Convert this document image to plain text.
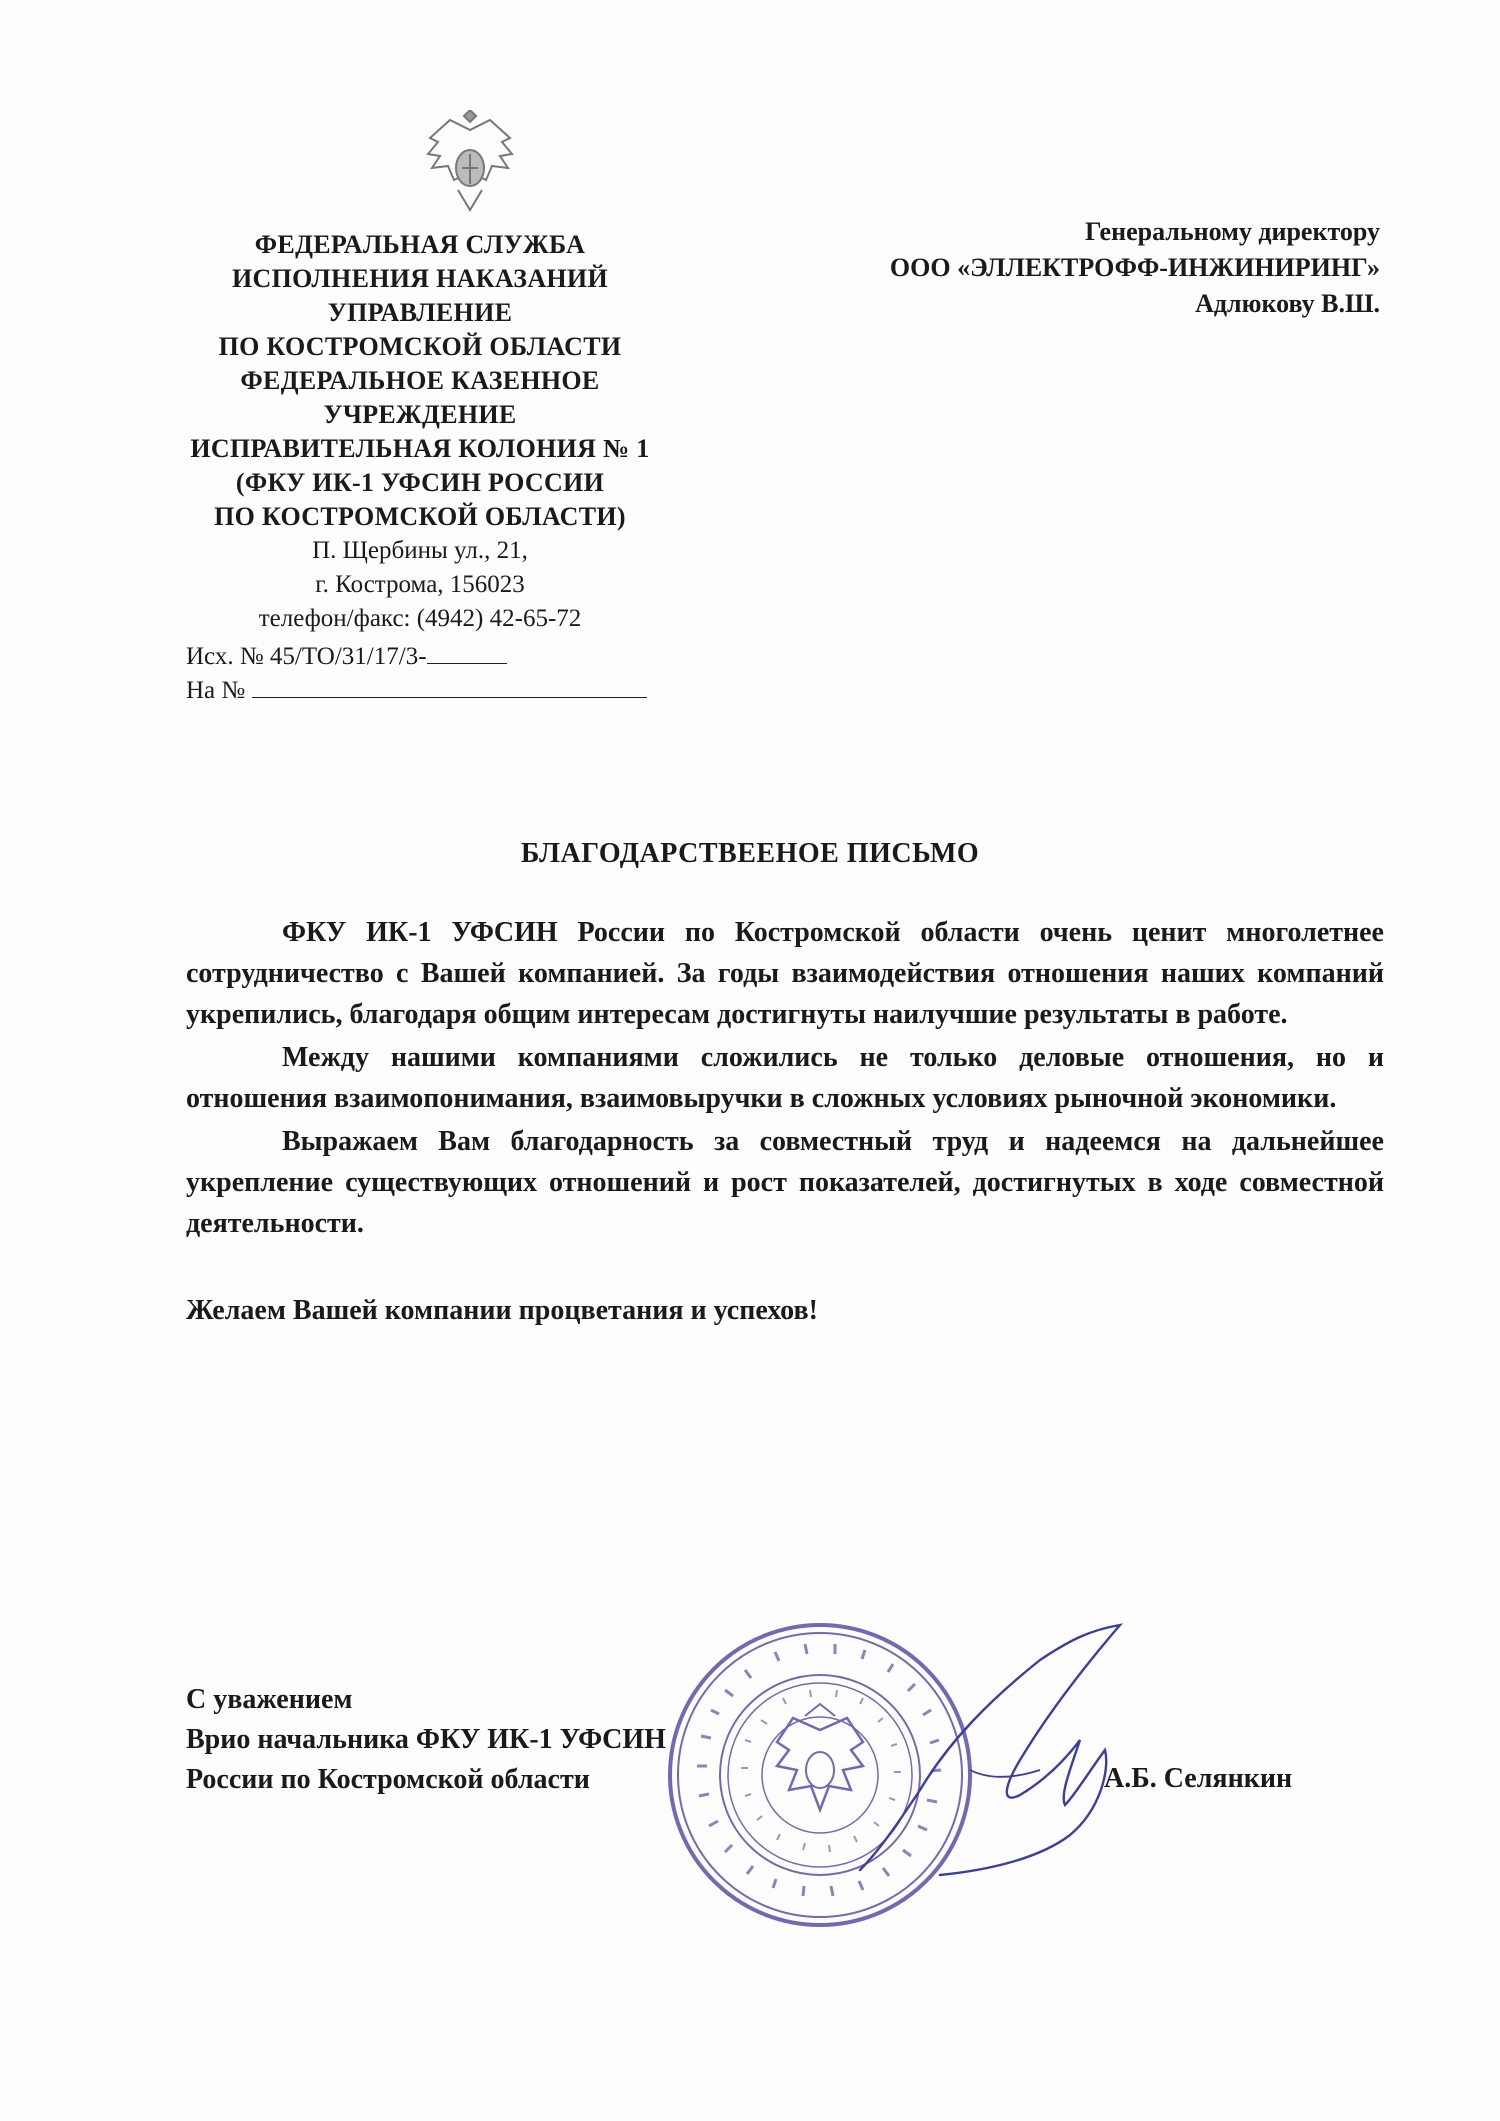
ФЕДЕРАЛЬНАЯ СЛУЖБА
ИСПОЛНЕНИЯ НАКАЗАНИЙ
УПРАВЛЕНИЕ
ПО КОСТРОМСКОЙ ОБЛАСТИ
ФЕДЕРАЛЬНОЕ КАЗЕННОЕ
УЧРЕЖДЕНИЕ
ИСПРАВИТЕЛЬНАЯ КОЛОНИЯ № 1
(ФКУ ИК-1 УФСИН РОССИИ
ПО КОСТРОМСКОЙ ОБЛАСТИ)
П. Щербины ул., 21,
г. Кострома, 156023
телефон/факс: (4942) 42-65-72
Исх. № 45/ТО/31/17/3-
На №
Генеральному директору
ООО «ЭЛЛЕКТРОФФ-ИНЖИНИРИНГ»
Адлюкову В.Ш.
БЛАГОДАРСТВЕЕНОЕ ПИСЬМО

ФКУ ИК-1 УФСИН России по Костромской области очень ценит многолетнее сотрудничество с Вашей компанией. За годы взаимодействия отношения наших компаний укрепились, благодаря общим интересам достигнуты наилучшие результаты в работе.

Между нашими компаниями сложились не только деловые отношения, но и отношения взаимопонимания, взаимовыручки в сложных условиях рыночной экономики.

Выражаем Вам благодарность за совместный труд и надеемся на дальнейшее укрепление существующих отношений и рост показателей, достигнутых в ходе совместной деятельности.

Желаем Вашей компании процветания и успехов!

С уважением
Врио начальника ФКУ ИК-1 УФСИН
России по Костромской области	А.Б. Селянкин
